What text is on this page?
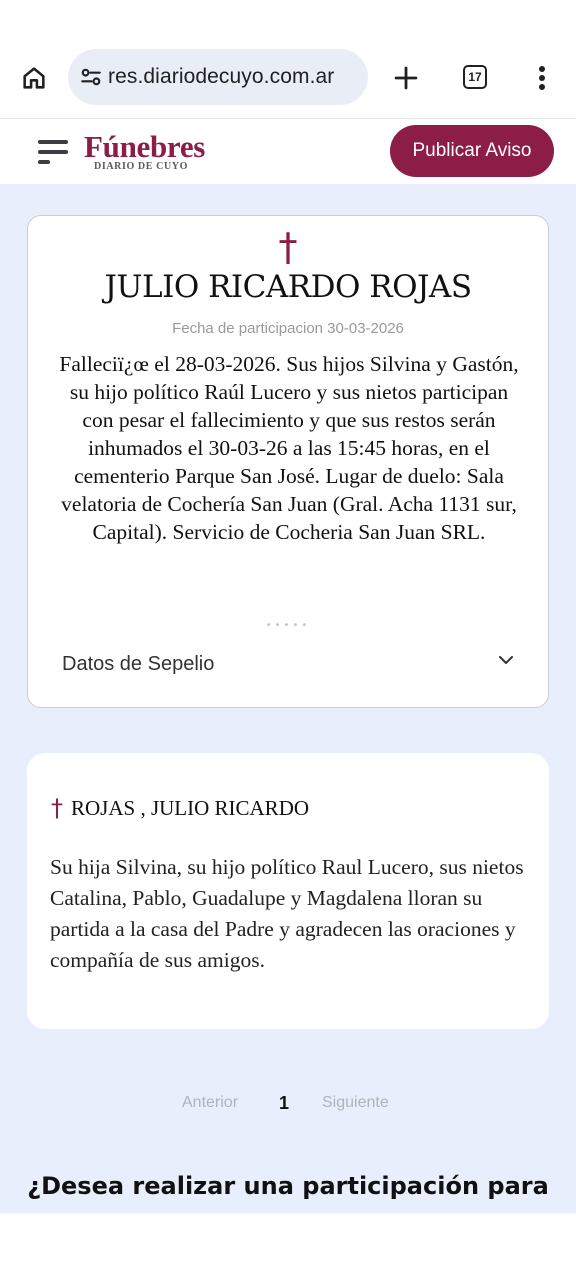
res.diariodecuyo.com.ar	17
Fúnebres
DIARIO DE CUYO
Publicar Aviso
†
JULIO RICARDO ROJAS
Fecha de participacion 30-03-2026
Falleciï¿œ el 28-03-2026. Sus hijos Silvina y Gastón, su hijo político Raúl Lucero y sus nietos participan con pesar el fallecimiento y que sus restos serán inhumados el 30-03-26 a las 15:45 horas, en el cementerio Parque San José. Lugar de duelo: Sala velatoria de Cochería San Juan (Gral. Acha 1131 sur, Capital). Servicio de Cocheria San Juan SRL.
•••••
Datos de Sepelio
† ROJAS , JULIO RICARDO
Su hija Silvina, su hijo político Raul Lucero, sus nietos Catalina, Pablo, Guadalupe y Magdalena lloran su partida a la casa del Padre y agradecen las oraciones y compañía de sus amigos.
Anterior 1 Siguiente
¿Desea realizar una participación para
